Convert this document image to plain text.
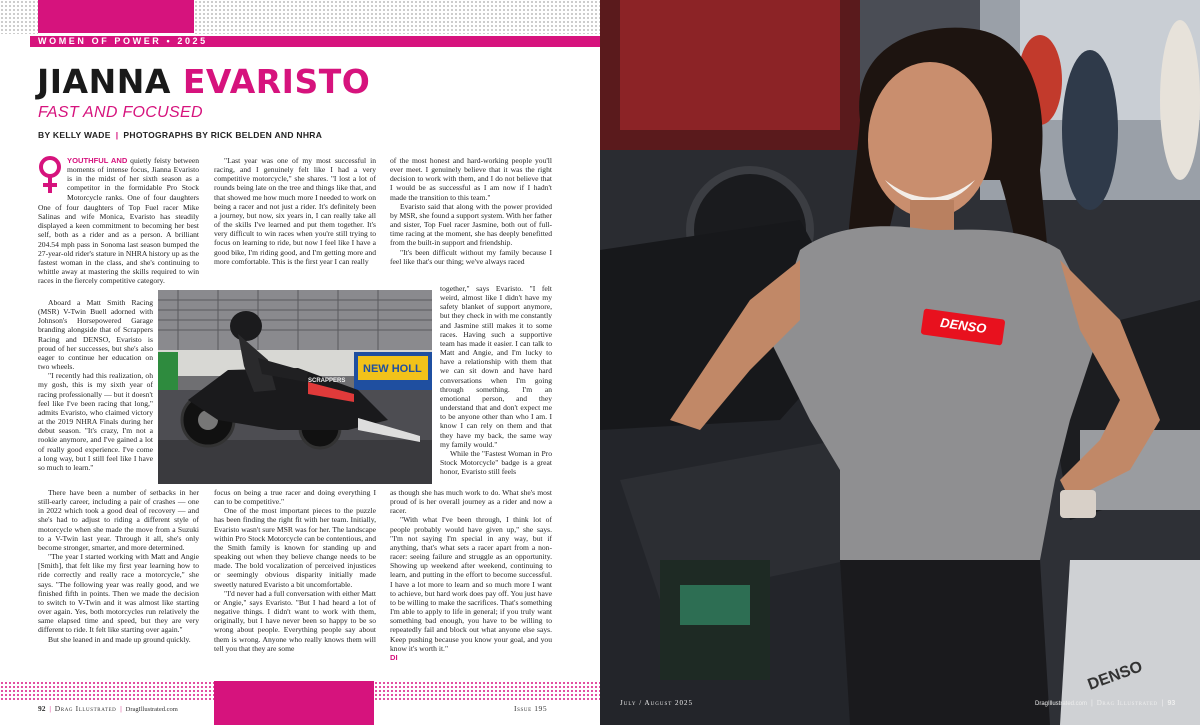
WOMEN OF POWER • 2025
JIANNA EVARISTO
FAST AND FOCUSED
BY KELLY WADE | PHOTOGRAPHS BY RICK BELDEN AND NHRA

YOUTHFUL AND quietly feisty between moments of intense focus, Jianna Evaristo is in the midst of her sixth season as a competitor in the formidable Pro Stock Motorcycle ranks. One of four daughters

One of four daughters of Top Fuel racer Mike Salinas and wife Monica, Evaristo has steadily displayed a keen commitment to becoming her best self, both as a rider and as a person. A brilliant 204.54 mph pass in Sonoma last season bumped the 27-year-old rider's stature in NHRA history up as the fastest woman in the class, and she's continuing to whittle away at mastering the skills required to win races in the fiercely competitive category.

Aboard a Matt Smith Racing (MSR) V-Twin Buell adorned with Johnson's Horsepowered Garage branding alongside that of Scrappers Racing and DENSO, Evaristo is proud of her successes, but she's also eager to continue her education on two wheels.

"I recently had this realization, oh my gosh, this is my sixth year of racing professionally — but it doesn't feel like I've been racing that long," admits Evaristo, who claimed victory at the 2019 NHRA Finals during her debut season. "It's crazy, I'm not a rookie anymore, and I've gained a lot of really good experience. I've come a long way, but I still feel like I have so much to learn."

There have been a number of setbacks in her still-early career, including a pair of crashes — one in 2022 which took a good deal of recovery — and she's had to adjust to riding a different style of motorcycle when she made the move from a Suzuki to a V-Twin last year. Through it all, she's only become stronger, smarter, and more determined.

"The year I started working with Matt and Angie [Smith], that felt like my first year learning how to ride correctly and really race a motorcycle," she says. "The following year was really good, and we finished fifth in points. Then we made the decision to switch to V-Twin and it was almost like starting over again. Yes, both motorcycles run relatively the same elapsed time and speed, but they are very different to ride. It felt like starting over again."

But she leaned in and made up ground quickly.

"Last year was one of my most successful in racing, and I genuinely felt like I had a very competitive motorcycle," she shares. "I lost a lot of rounds being late on the tree and things like that, and that showed me how much more I needed to work on being a racer and not just a rider. It's definitely been a journey, but now, six years in, I can really take all of the skills I've learned and put them together. It's very difficult to win races when you're still trying to focus on learning to ride, but now I feel like I have a good bike, I'm riding good, and I'm getting more and more comfortable. This is the first year I can really

focus on being a true racer and doing everything I can to be competitive."

One of the most important pieces to the puzzle has been finding the right fit with her team. Initially, Evaristo wasn't sure MSR was for her. The landscape within Pro Stock Motorcycle can be contentious, and the Smith family is known for standing up and speaking out when they believe change needs to be made. The bold vocalization of perceived injustices or seemingly obvious disparity initially made sweetly natured Evaristo a bit uncomfortable.

"I'd never had a full conversation with either Matt or Angie," says Evaristo. "But I had heard a lot of negative things. I didn't want to work with them, originally, but I have never been so happy to be so wrong about people. Everything people say about them is wrong. Anyone who really knows them will tell you that they are some

of the most honest and hard-working people you'll ever meet. I genuinely believe that it was the right decision to work with them, and I do not believe that I would be as successful as I am now if I hadn't made the transition to this team."

Evaristo said that along with the power provided by MSR, she found a support system. With her father and sister, Top Fuel racer Jasmine, both out of full-time racing at the moment, she has deeply benefitted from the built-in support and friendship.

"It's been difficult without my family because I feel like that's our thing; we've always raced

together," says Evaristo. "I felt weird, almost like I didn't have my safety blanket of support anymore, but they check in with me constantly and Jasmine still makes it to some races. Having such a supportive team has made it easier. I can talk to Matt and Angie, and I'm lucky to have a relationship with them that we can sit down and have hard conversations when I'm going through something. I'm an emotional person, and they understand that and don't expect me to be anyone other than who I am. I know I can rely on them and that they have my back, the same way my family would."

While the "Fastest Woman in Pro Stock Motorcycle" badge is a great honor, Evaristo still feels

as though she has much work to do. What she's most proud of is her overall journey as a rider and now a racer.

"With what I've been through, I think lot of people probably would have given up," she says. "I'm not saying I'm special in any way, but if anything, that's what sets a racer apart from a non-racer: seeing failure and struggle as an opportunity. Showing up weekend after weekend, continuing to learn, and putting in the effort to become successful. I have a lot more to learn and so much more I want to achieve, but hard work does pay off. You just have to be willing to make the sacrifices. That's something I'm able to apply to life in general; if you truly want something bad enough, you have to be willing to repeatedly fail and block out what anyone else says. Keep pushing because you know your goal, and you know it's worth it."

DI
NEW HOLL
SCRAPPERS
92 | Drag Illustrated | DragIllustrated.com	Issue 195
DENSO
DENSO
July / August 2025	DragIllustrated.com | Drag Illustrated | 93
